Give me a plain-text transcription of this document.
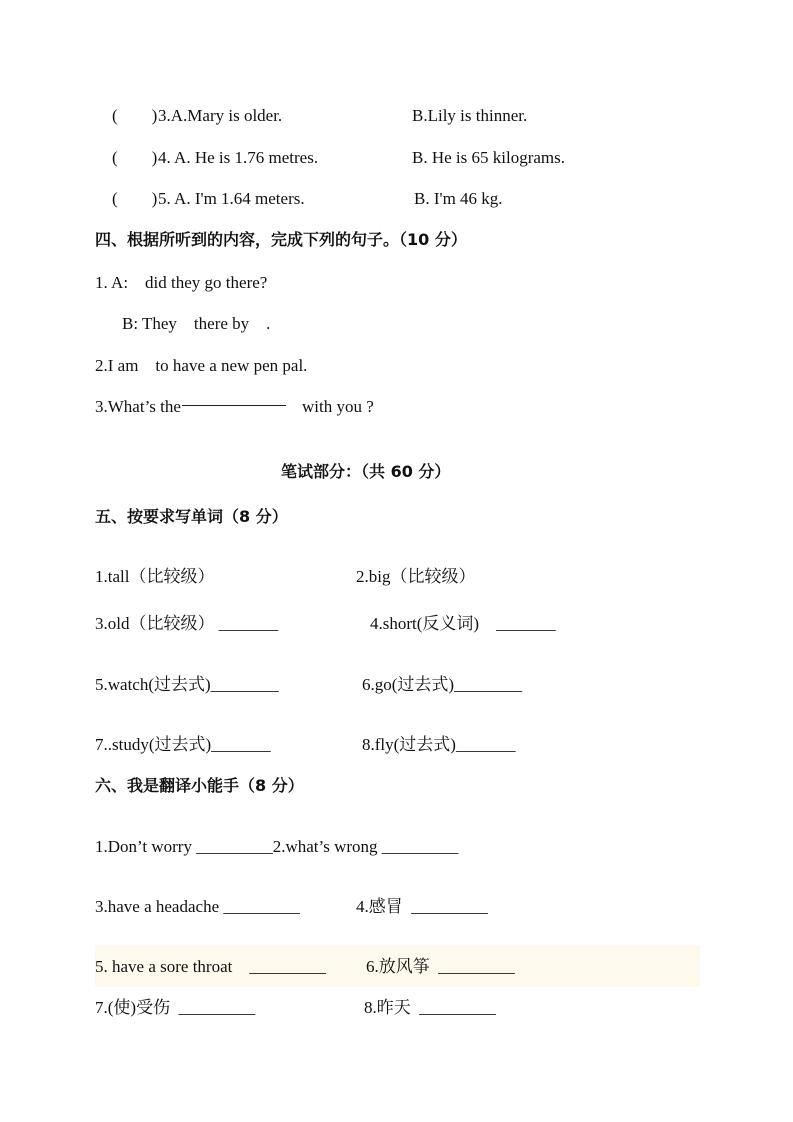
(        ) 3.A.Mary is older.	B.Lily is thinner.
(        ) 4. A. He is 1.76 metres.	B. He is 65 kilograms.
(        ) 5. A. I'm 1.64 meters.	B. I'm 46 kg.
四、根据所听到的内容，完成下列的句子。（10 分）
1. A:    did they go there?
B: They    there by    .
2.I am    to have a new pen pal.
3.What’s the	with you ?
笔试部分：（共 60 分）
五、按要求写单词（8 分）
1.tall（比较级）	2.big（比较级）
3.old（比较级） _______	4.short(反义词)    _______
5.watch(过去式)________	6.go(过去式)________
7..study(过去式)_______	8.fly(过去式)_______
六、我是翻译小能手（8 分）
1.Don’t worry _________2.what’s wrong _________
3.have a headache _________	4.感冒  _________
5. have a sore throat    _________ 6.放风筝  _________
7.(使)受伤  _________	8.昨天  _________
